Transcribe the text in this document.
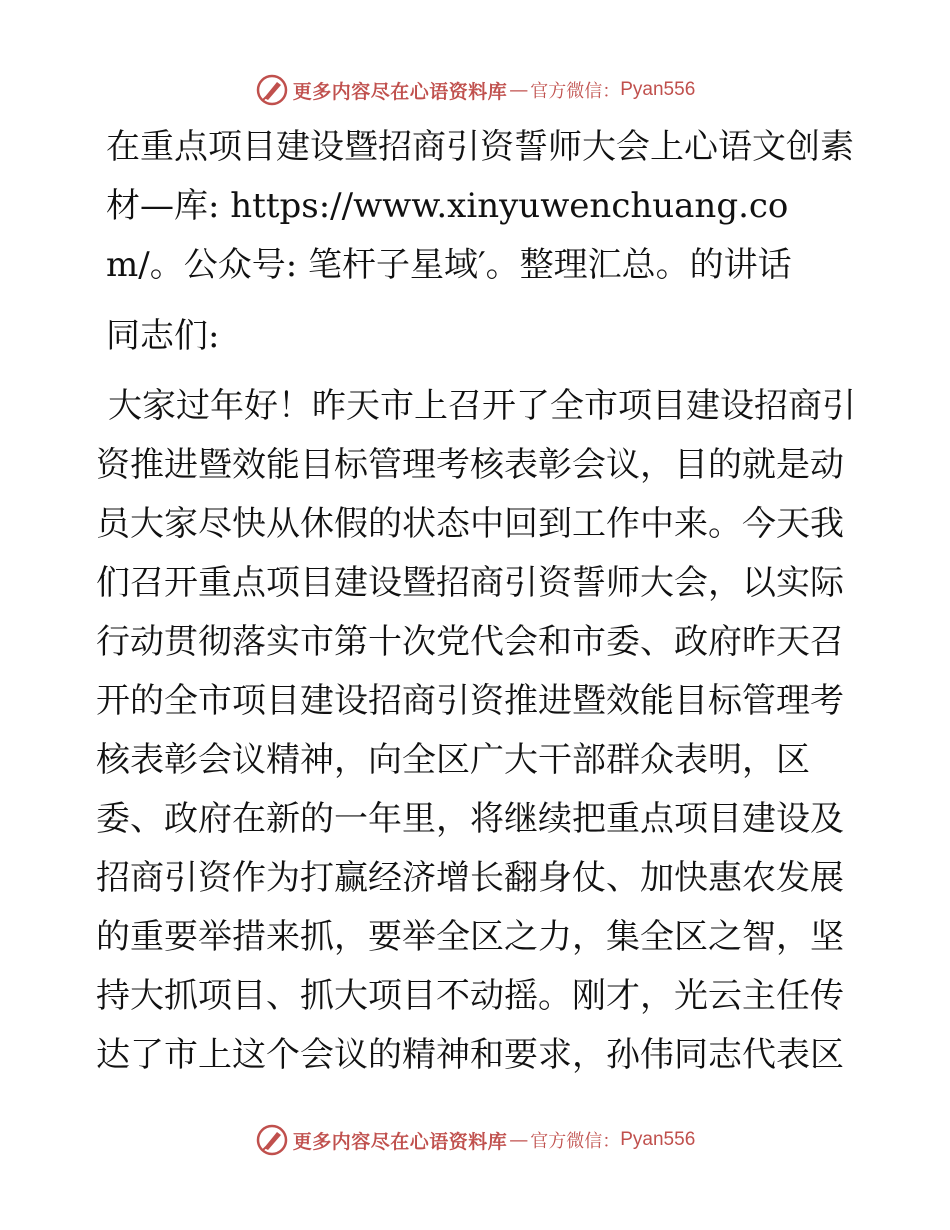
更多内容尽在心语资料库 — 官方微信： Pyan556

在重点项目建设暨招商引资誓师大会上心语文创素材—库: https://www.xinyuwenchuang.com/。公众号: 笔杆子星域′。整理汇总。的讲话

同志们:

大家过年好！昨天市上召开了全市项目建设招商引资推进暨效能目标管理考核表彰会议，目的就是动员大家尽快从休假的状态中回到工作中来。今天我们召开重点项目建设暨招商引资誓师大会，以实际行动贯彻落实市第十次党代会和市委、政府昨天召开的全市项目建设招商引资推进暨效能目标管理考核表彰会议精神，向全区广大干部群众表明，区委、政府在新的一年里，将继续把重点项目建设及招商引资作为打赢经济增长翻身仗、加快惠农发展的重要举措来抓，要举全区之力，集全区之智，坚持大抓项目、抓大项目不动摇。刚才，光云主任传达了市上这个会议的精神和要求，孙伟同志代表区

更多内容尽在心语资料库 — 官方微信： Pyan556
